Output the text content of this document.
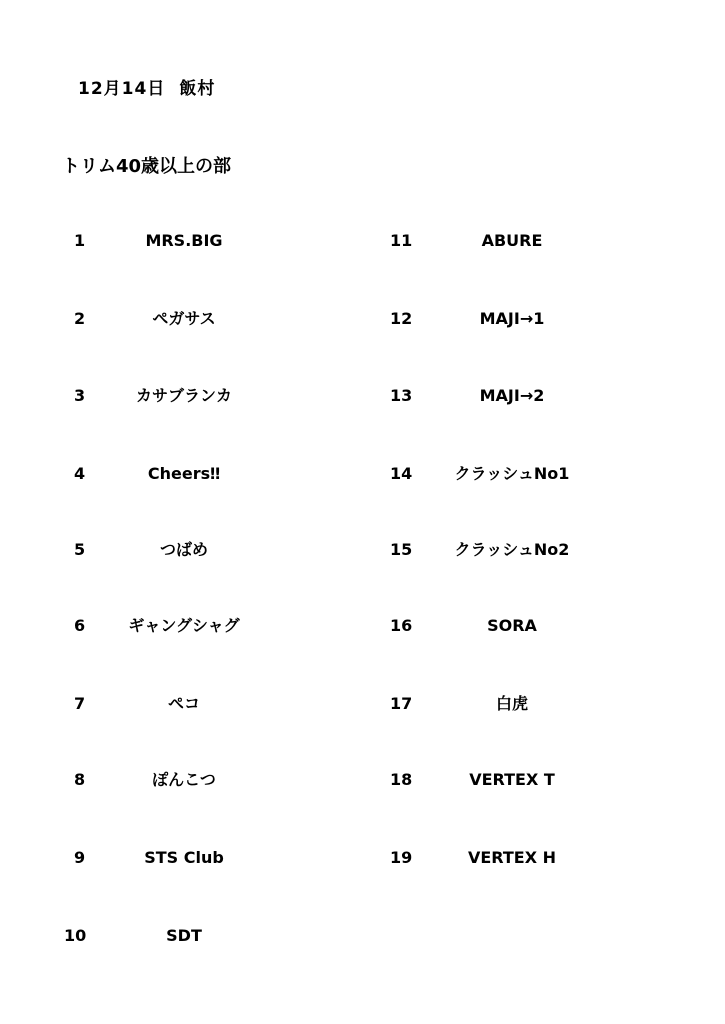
12月14日 飯村
トリム40歳以上の部
1	MRS.BIG
2	ペガサス
3	カサブランカ
4	Cheers‼
5	つばめ
6	ギャングシャグ
7	ペコ
8	ぽんこつ
9	STS Club
10	SDT
11	ABURE
12	MAJI→1
13	MAJI→2
14	クラッシュNo1
15	クラッシュNo2
16	SORA
17	白虎
18	VERTEX T
19	VERTEX H
